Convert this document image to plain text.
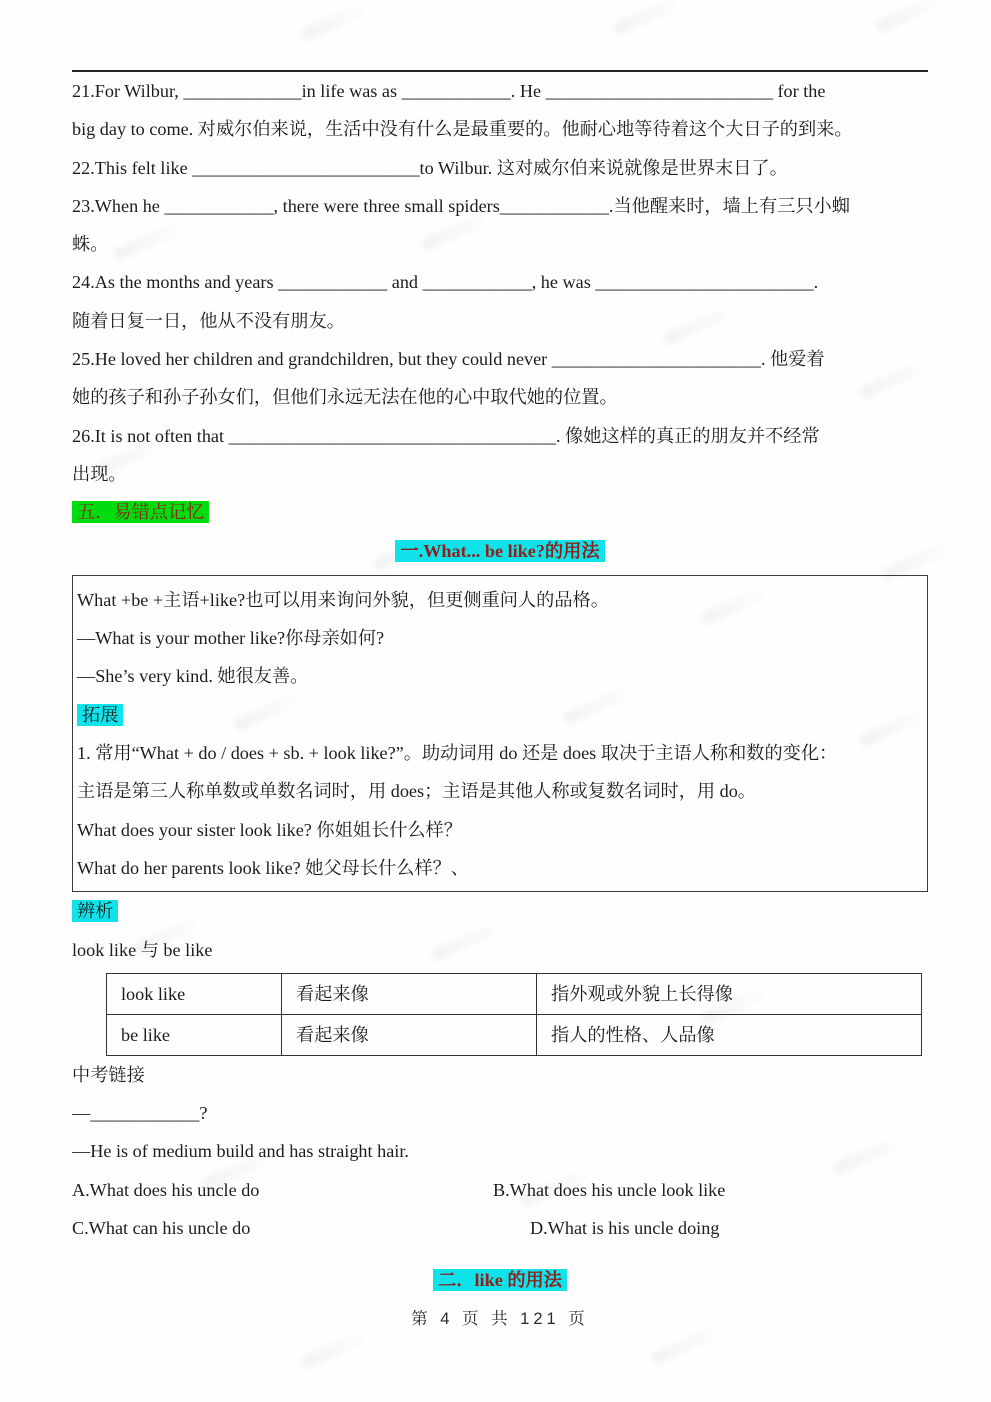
21.For Wilbur, _____________in life was as ____________. He _________________________ for the

big day to come. 对威尔伯来说，生活中没有什么是最重要的。他耐心地等待着这个大日子的到来。

22.This felt like _________________________to Wilbur. 这对威尔伯来说就像是世界末日了。

23.When he ____________, there were three small spiders____________.当他醒来时，墙上有三只小蜘

蛛。

24.As the months and years ____________ and ____________, he was ________________________.

随着日复一日，他从不没有朋友。

25.He loved her children and grandchildren, but they could never _______________________. 他爱着

她的孩子和孙子孙女们，但他们永远无法在他的心中取代她的位置。

26.It is not often that ____________________________________. 像她这样的真正的朋友并不经常

出现。

五．易错点记忆

一.What... be like?的用法

What +be +主语+like?也可以用来询问外貌，但更侧重问人的品格。

—What is your mother like?你母亲如何?

—She’s very kind. 她很友善。

拓展

1. 常用“What + do / does + sb. + look like?”。助动词用 do 还是 does 取决于主语人称和数的变化：

主语是第三人称单数或单数名词时，用 does；主语是其他人称或复数名词时，用 do。

What does your sister look like? 你姐姐长什么样？

What do her parents look like? 她父母长什么样？、

辨析

look like 与 be like

look like	看起来像	指外观或外貌上长得像
be like	看起来像	指人的性格、人品像

中考链接

—____________?

—He is of medium build and has straight hair.

A.What does his uncle do	B.What does his uncle look like

C.What can his uncle do	D.What is his uncle doing

二．like 的用法

第 4 页 共 121 页
